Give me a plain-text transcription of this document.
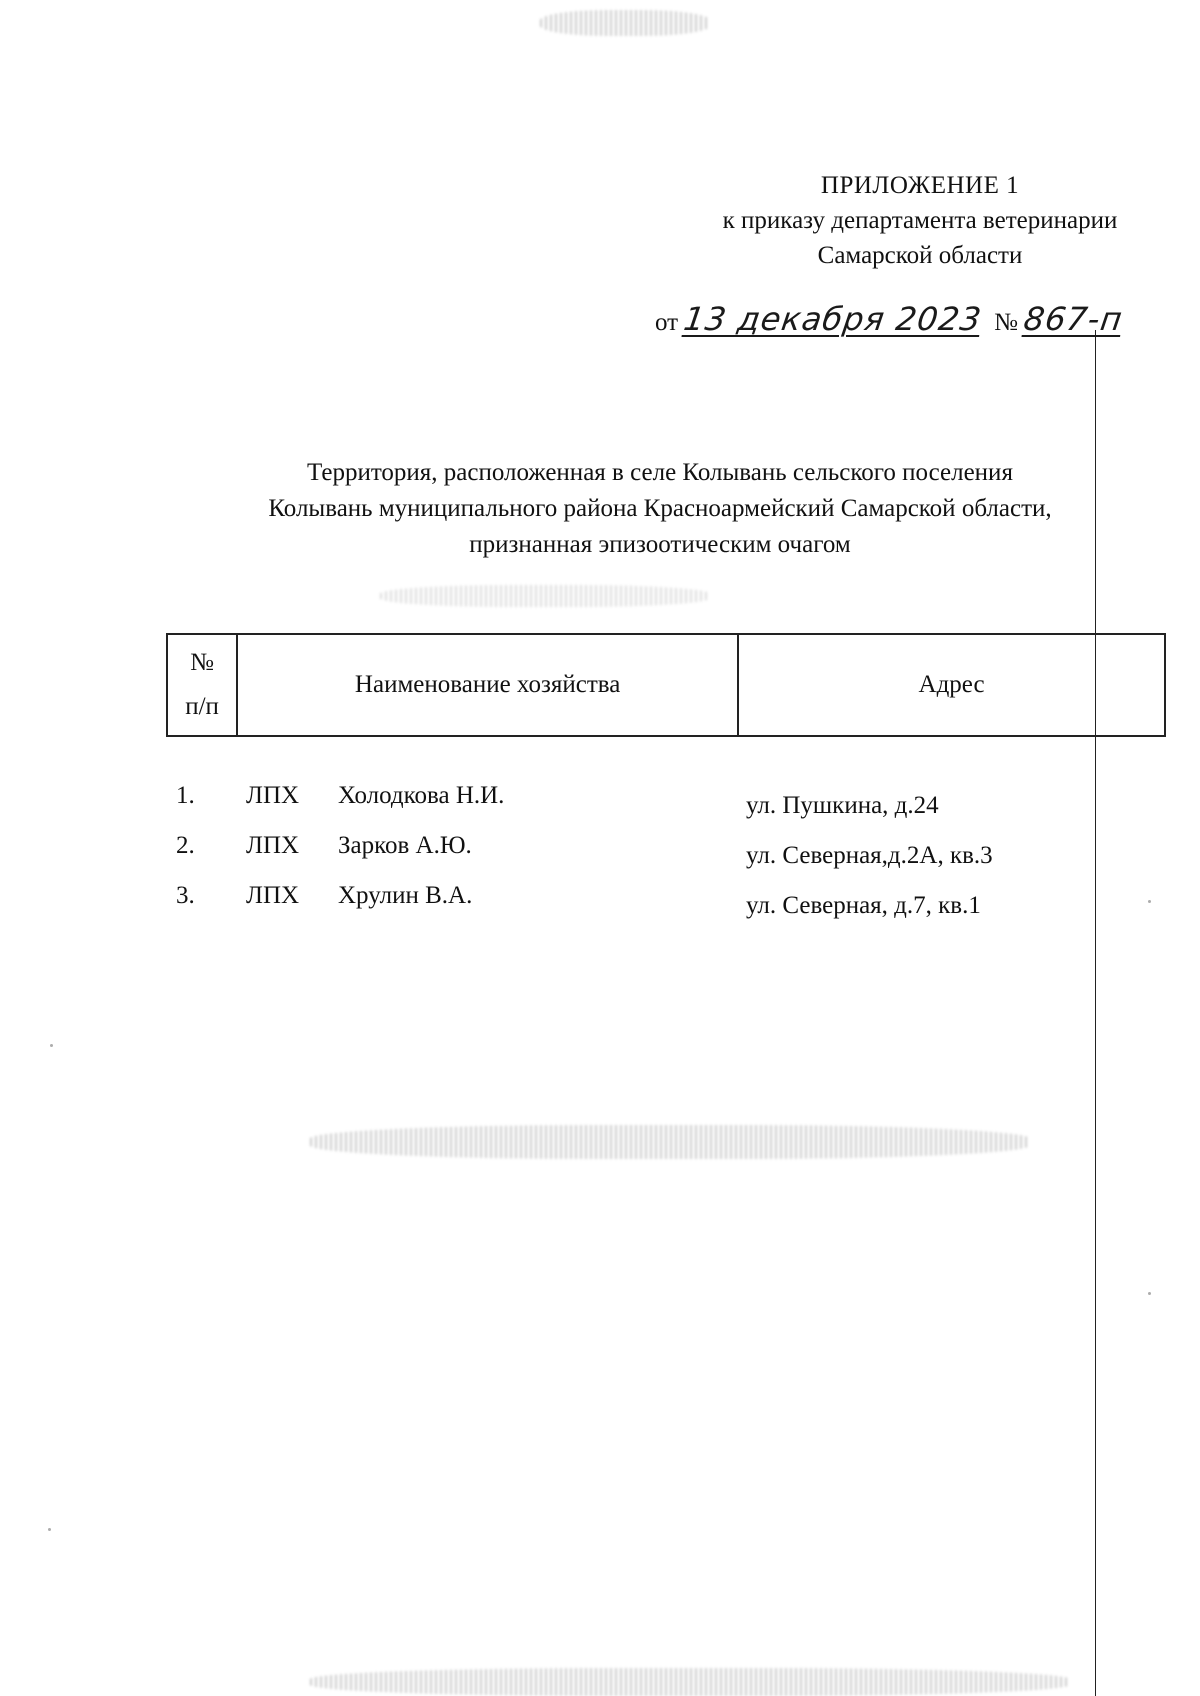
ПРИЛОЖЕНИЕ 1
к приказу департамента ветеринарии
Самарской области
от 13 декабря 2023 № 867-п
Территория, расположенная в селе Колывань сельского поселения
Колывань муниципального района Красноармейский Самарской области,
признанная эпизоотическим очагом
№
п/п
	Наименование хозяйства	Адрес
1. ЛПХ Холодкова Н.И.	ул. Пушкина, д.24
2. ЛПХ Зарков А.Ю.	ул. Северная,д.2А, кв.3
3. ЛПХ Хрулин В.А.	ул. Северная, д.7, кв.1
